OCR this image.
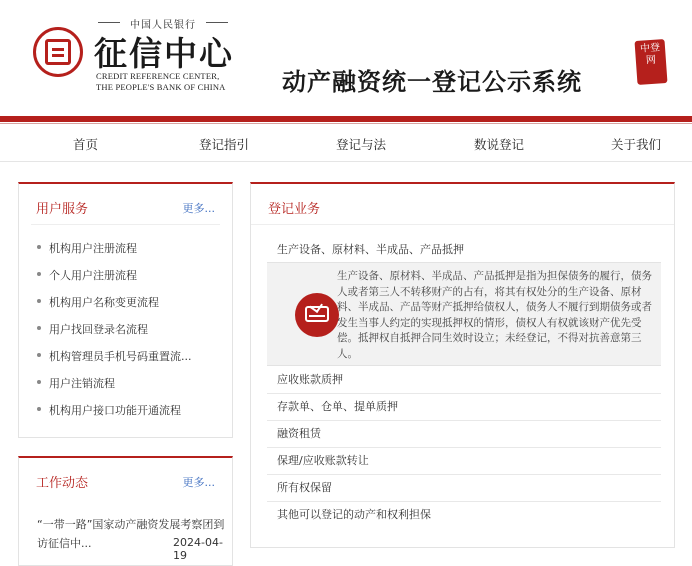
中国人民银行
征信中心
CREDIT REFERENCE CENTER,
THE PEOPLE'S BANK OF CHINA 动产融资统一登记公示系统
中登网
首页	登记指引	登记与法	数说登记	关于我们
用户服务	更多...
机构用户注册流程
个人用户注册流程
机构用户名称变更流程
用户找回登录名流程
机构管理员手机号码重置流...
用户注销流程
机构用户接口功能开通流程
工作动态	更多...
“一带一路”国家动产融资发展考察团到
访征信中...	2024-04-19
登记业务
生产设备、原材料、半成品、产品抵押
应收账款质押
存款单、仓单、提单质押
融资租赁
保理/应收账款转让
所有权保留
其他可以登记的动产和权利担保
生产设备、原材料、半成品、产品抵押是指为担保债务的履行，债务人或者第三人不转移财产的占有，将其有权处分的生产设备、原材料、半成品、产品等财产抵押给债权人，债务人不履行到期债务或者发生当事人约定的实现抵押权的情形，债权人有权就该财产优先受偿。抵押权自抵押合同生效时设立；未经登记，不得对抗善意第三人。
